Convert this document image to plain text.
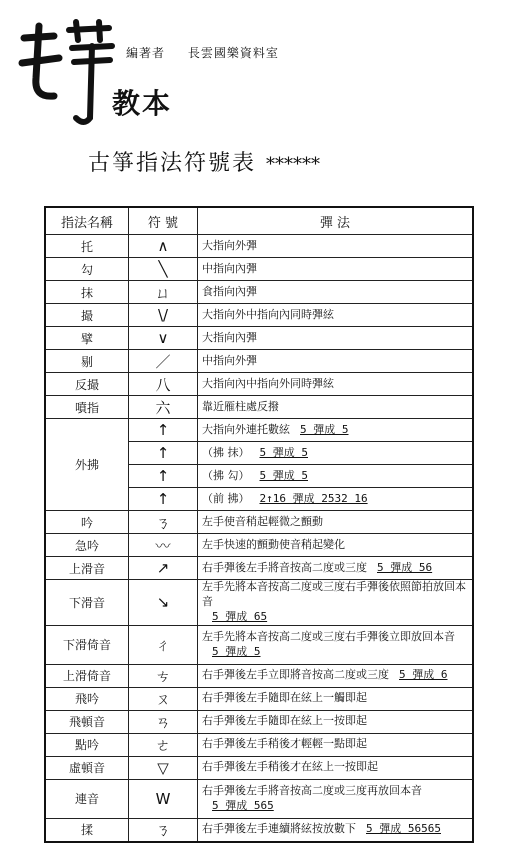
編著者 長雲國樂資料室
教本
古箏指法符號表 ******
指法名稱	符 號	彈 法
托	∧	大指向外彈
勾	╲	中指向內彈
抹	ㄩ	食指向內彈
撮	\/	大指向外中指向內同時彈絃
擘	∨	大指向內彈
剔	／	中指向外彈
反撮	八	大指向內中指向外同時彈絃
噴指	六	靠近雁柱處反撥
外拂	↑	大指向外連托數絃 5 彈成 5
	↑	（拂 抹） 5 彈成 5
	↑	（拂 勾） 5 彈成 5
	↑	（前 拂） 2↑16 彈成 2532 16
吟	ㄋ	左手使音稍起輕微之顫動
急吟	〰	左手快速的顫動使音稍起變化
上滑音	↗	右手彈後左手將音按高二度或三度 5 彈成 56
下滑音	↘	左手先將本音按高二度或三度右手彈後依照節拍放回本音
5 彈成 65
下滑倚音	ㄔ	左手先將本音按高二度或三度右手彈後立即放回本音
5 彈成 5
上滑倚音	ㄘ	右手彈後左手立即將音按高二度或三度 5 彈成 6
飛吟	ㄡ	右手彈後左手隨即在絃上一觸即起
飛頓音	ㄢ	右手彈後左手隨即在絃上一按即起
點吟	ㄜ	右手彈後左手稍後才輕輕一點即起
虛頓音	▽	右手彈後左手稍後才在絃上一按即起
連音	W	右手彈後左手將音按高二度或三度再放回本音
5 彈成 565
揉	ㄋ	右手彈後左手連續將絃按放數下 5 彈成 56565
